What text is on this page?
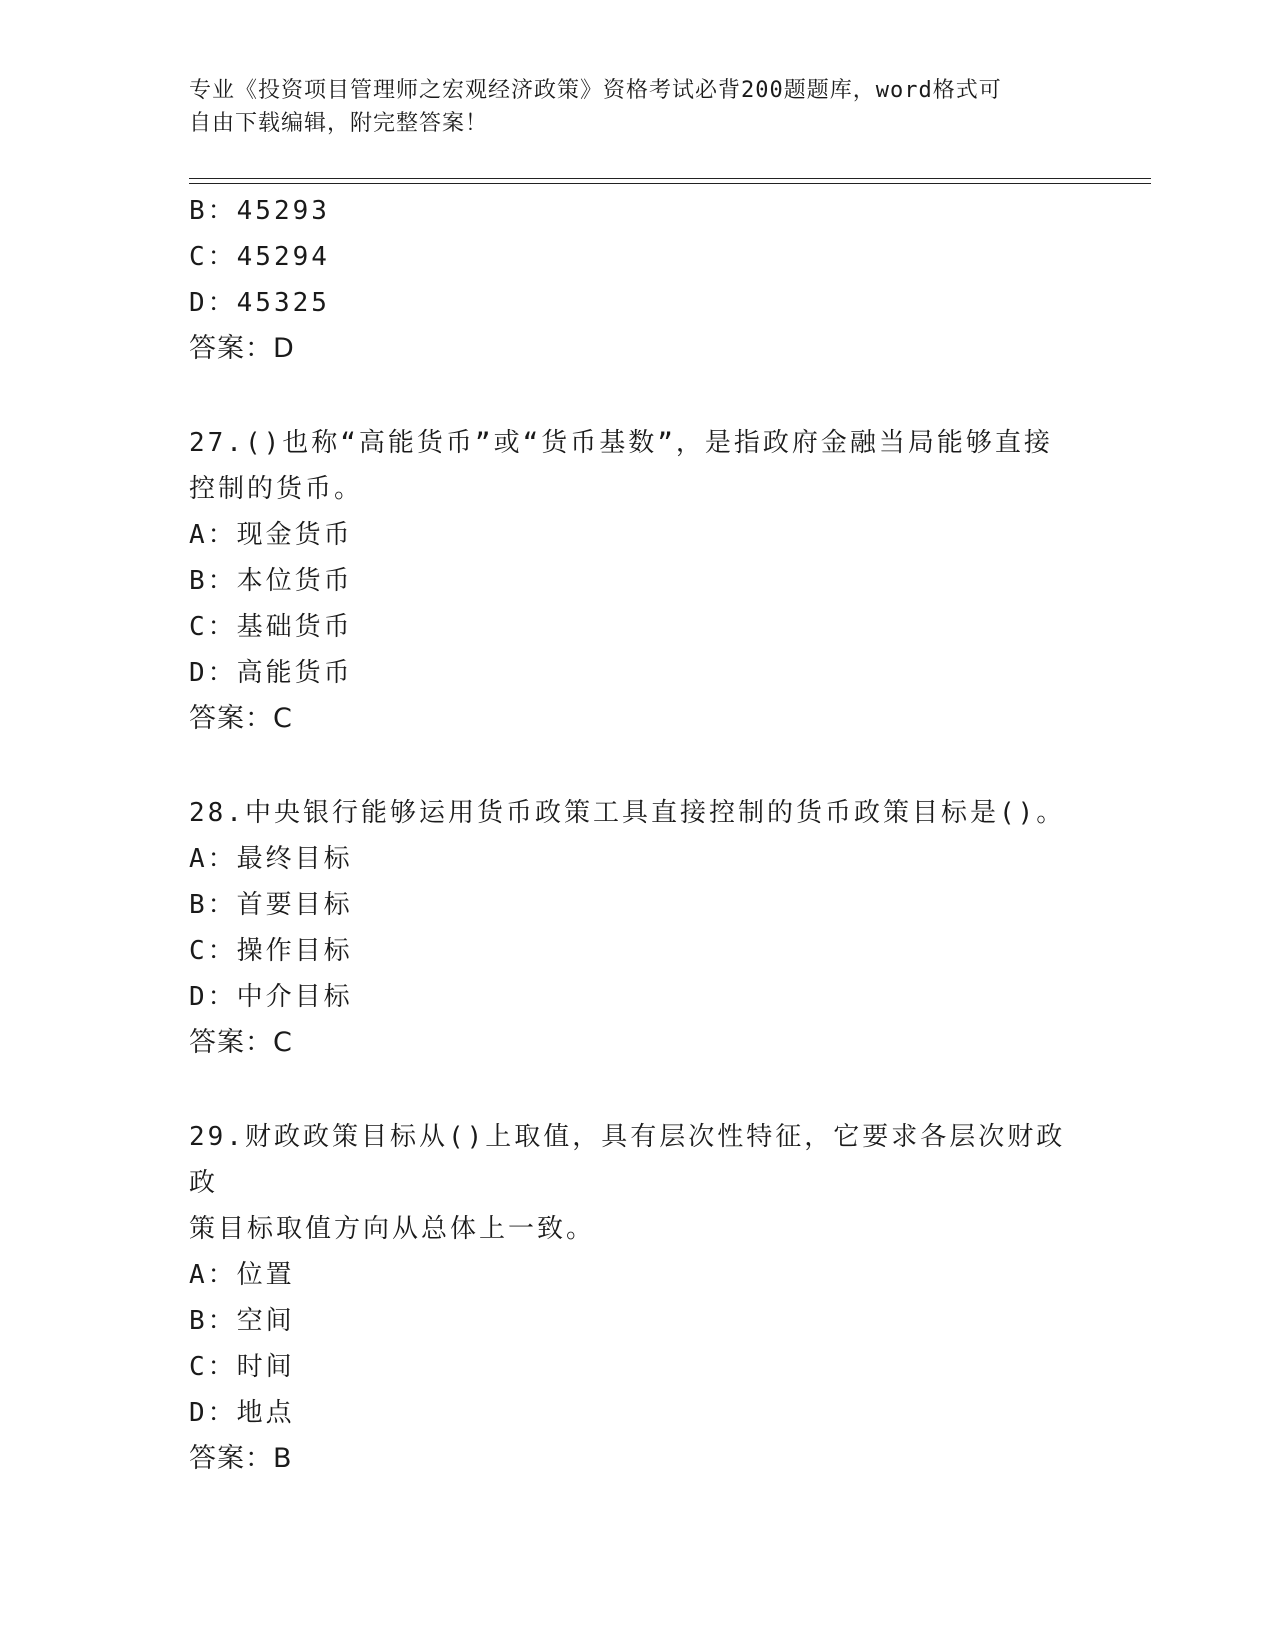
专业《投资项目管理师之宏观经济政策》资格考试必背200题题库，word格式可
自由下载编辑，附完整答案！
B：45293
C：45294
D：45325
答案：D
27.()也称“高能货币”或“货币基数”，是指政府金融当局能够直接
控制的货币。
A：现金货币
B：本位货币
C：基础货币
D：高能货币
答案：C
28.中央银行能够运用货币政策工具直接控制的货币政策目标是()。
A：最终目标
B：首要目标
C：操作目标
D：中介目标
答案：C
29.财政政策目标从()上取值，具有层次性特征，它要求各层次财政政
策目标取值方向从总体上一致。
A：位置
B：空间
C：时间
D：地点
答案：B
